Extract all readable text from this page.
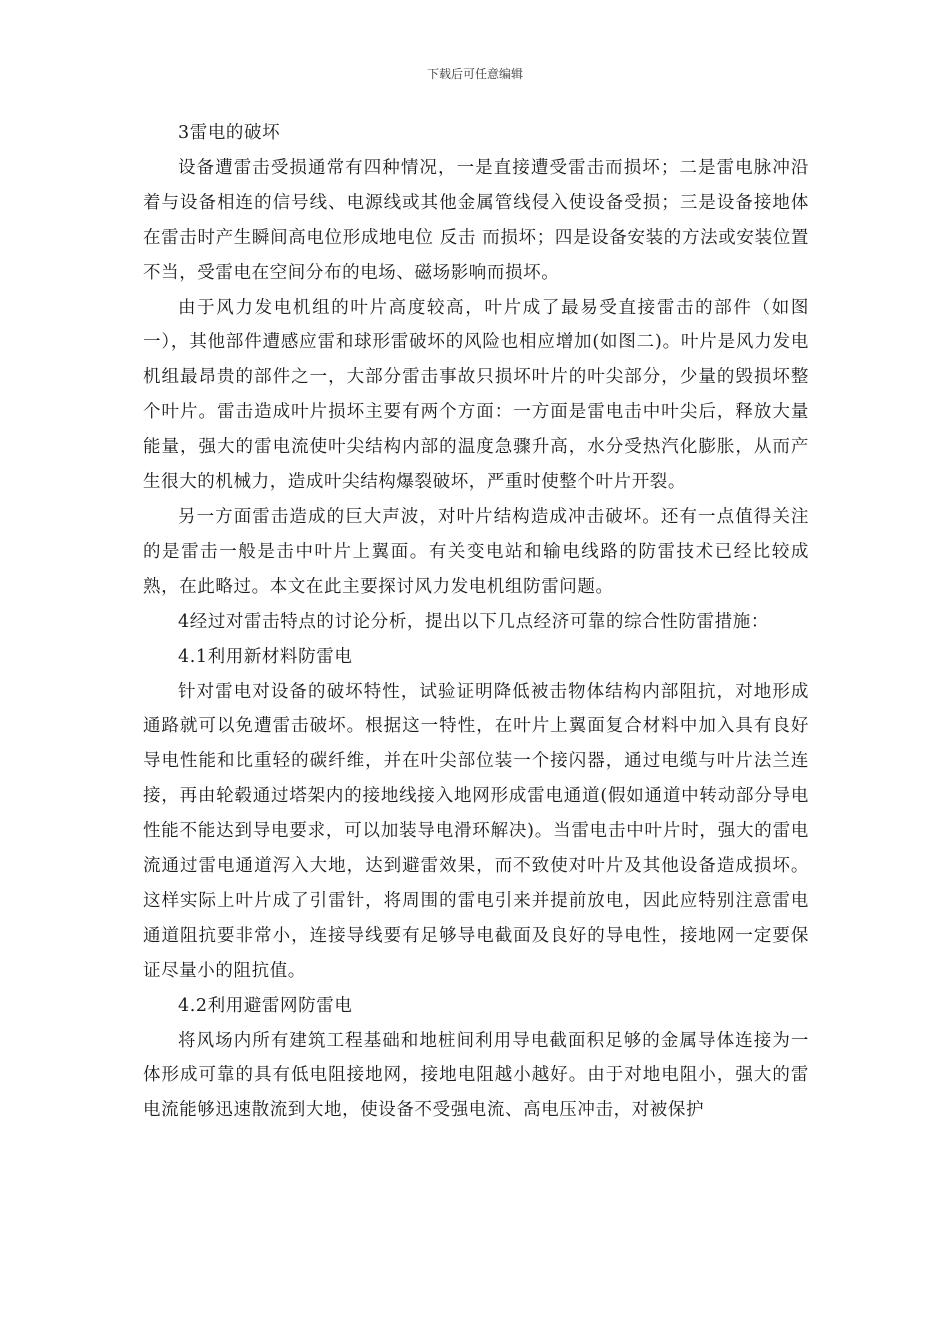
下载后可任意编辑

3雷电的破坏

设备遭雷击受损通常有四种情况，一是直接遭受雷击而损坏；二是雷电脉冲沿着与设备相连的信号线、电源线或其他金属管线侵入使设备受损；三是设备接地体在雷击时产生瞬间高电位形成地电位 反击 而损坏；四是设备安装的方法或安装位置不当，受雷电在空间分布的电场、磁场影响而损坏。

由于风力发电机组的叶片高度较高，叶片成了最易受直接雷击的部件（如图一），其他部件遭感应雷和球形雷破坏的风险也相应增加(如图二)。叶片是风力发电机组最昂贵的部件之一，大部分雷击事故只损坏叶片的叶尖部分，少量的毁损坏整个叶片。雷击造成叶片损坏主要有两个方面：一方面是雷电击中叶尖后，释放大量能量，强大的雷电流使叶尖结构内部的温度急骤升高，水分受热汽化膨胀，从而产生很大的机械力，造成叶尖结构爆裂破坏，严重时使整个叶片开裂。

另一方面雷击造成的巨大声波，对叶片结构造成冲击破坏。还有一点值得关注的是雷击一般是击中叶片上翼面。有关变电站和输电线路的防雷技术已经比较成熟，在此略过。本文在此主要探讨风力发电机组防雷问题。

4经过对雷击特点的讨论分析，提出以下几点经济可靠的综合性防雷措施：

4.1利用新材料防雷电

针对雷电对设备的破坏特性，试验证明降低被击物体结构内部阻抗，对地形成通路就可以免遭雷击破坏。根据这一特性，在叶片上翼面复合材料中加入具有良好导电性能和比重轻的碳纤维，并在叶尖部位装一个接闪器，通过电缆与叶片法兰连接，再由轮毂通过塔架内的接地线接入地网形成雷电通道(假如通道中转动部分导电性能不能达到导电要求，可以加装导电滑环解决)。当雷电击中叶片时，强大的雷电流通过雷电通道泻入大地，达到避雷效果，而不致使对叶片及其他设备造成损坏。这样实际上叶片成了引雷针，将周围的雷电引来并提前放电，因此应特别注意雷电通道阻抗要非常小，连接导线要有足够导电截面及良好的导电性，接地网一定要保证尽量小的阻抗值。

4.2利用避雷网防雷电

将风场内所有建筑工程基础和地桩间利用导电截面积足够的金属导体连接为一体形成可靠的具有低电阻接地网，接地电阻越小越好。由于对地电阻小，强大的雷电流能够迅速散流到大地，使设备不受强电流、高电压冲击，对被保护
